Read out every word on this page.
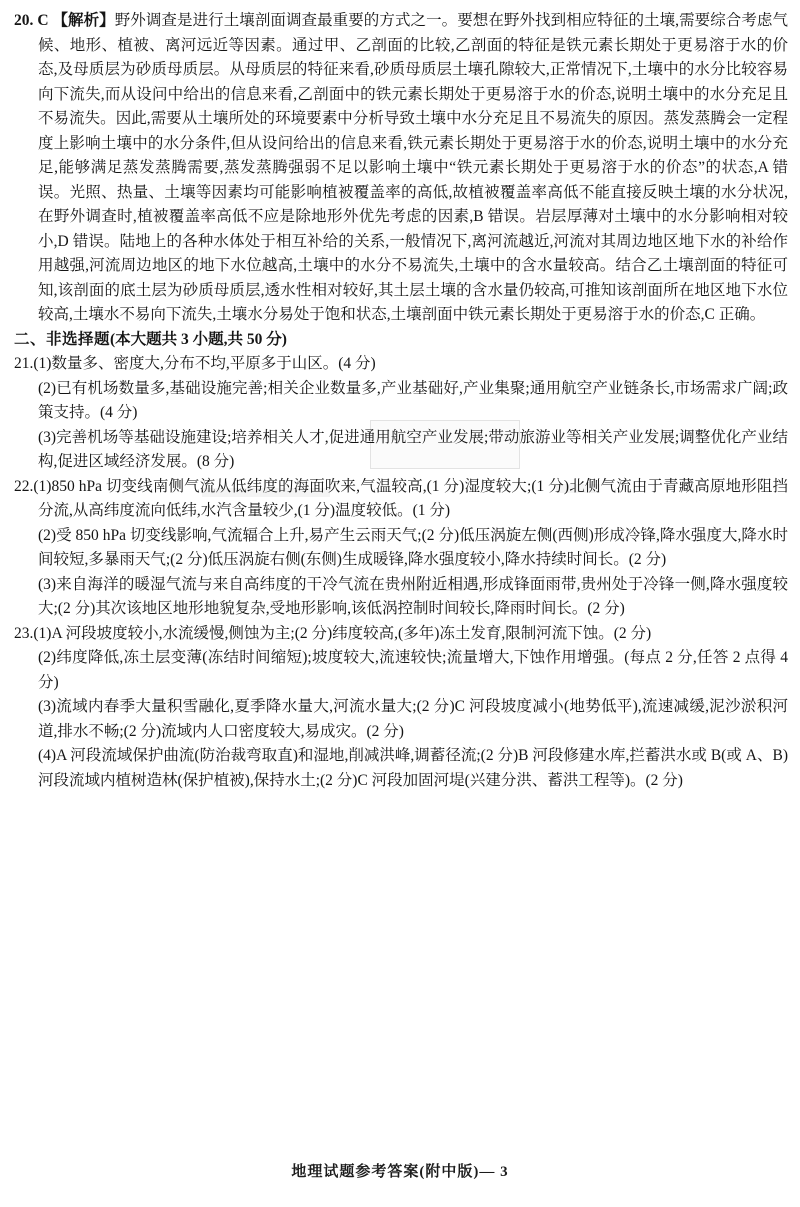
20. C 【解析】野外调查是进行土壤剖面调查最重要的方式之一。要想在野外找到相应特征的土壤,需要综合考虑气候、地形、植被、离河远近等因素。通过甲、乙剖面的比较,乙剖面的特征是铁元素长期处于更易溶于水的价态,及母质层为砂质母质层。从母质层的特征来看,砂质母质层土壤孔隙较大,正常情况下,土壤中的水分比较容易向下流失,而从设问中给出的信息来看,乙剖面中的铁元素长期处于更易溶于水的价态,说明土壤中的水分充足且不易流失。因此,需要从土壤所处的环境要素中分析导致土壤中水分充足且不易流失的原因。蒸发蒸腾会一定程度上影响土壤中的水分条件,但从设问给出的信息来看,铁元素长期处于更易溶于水的价态,说明土壤中的水分充足,能够满足蒸发蒸腾需要,蒸发蒸腾强弱不足以影响土壤中“铁元素长期处于更易溶于水的价态”的状态,A 错误。光照、热量、土壤等因素均可能影响植被覆盖率的高低,故植被覆盖率高低不能直接反映土壤的水分状况,在野外调查时,植被覆盖率高低不应是除地形外优先考虑的因素,B 错误。岩层厚薄对土壤中的水分影响相对较小,D 错误。陆地上的各种水体处于相互补给的关系,一般情况下,离河流越近,河流对其周边地区地下水的补给作用越强,河流周边地区的地下水位越高,土壤中的水分不易流失,土壤中的含水量较高。结合乙土壤剖面的特征可知,该剖面的底土层为砂质母质层,透水性相对较好,其土层土壤的含水量仍较高,可推知该剖面所在地区地下水位较高,土壤水不易向下流失,土壤水分易处于饱和状态,土壤剖面中铁元素长期处于更易溶于水的价态,C 正确。

二、非选择题(本大题共 3 小题,共 50 分)

21.(1)数量多、密度大,分布不均,平原多于山区。(4 分)

(2)已有机场数量多,基础设施完善;相关企业数量多,产业基础好,产业集聚;通用航空产业链条长,市场需求广阔;政策支持。(4 分)

(3)完善机场等基础设施建设;培养相关人才,促进通用航空产业发展;带动旅游业等相关产业发展;调整优化产业结构,促进区域经济发展。(8 分)

22.(1)850 hPa 切变线南侧气流从低纬度的海面吹来,气温较高,(1 分)湿度较大;(1 分)北侧气流由于青藏高原地形阻挡分流,从高纬度流向低纬,水汽含量较少,(1 分)温度较低。(1 分)

(2)受 850 hPa 切变线影响,气流辐合上升,易产生云雨天气;(2 分)低压涡旋左侧(西侧)形成冷锋,降水强度大,降水时间较短,多暴雨天气;(2 分)低压涡旋右侧(东侧)生成暖锋,降水强度较小,降水持续时间长。(2 分)

(3)来自海洋的暖湿气流与来自高纬度的干冷气流在贵州附近相遇,形成锋面雨带,贵州处于冷锋一侧,降水强度较大;(2 分)其次该地区地形地貌复杂,受地形影响,该低涡控制时间较长,降雨时间长。(2 分)

23.(1)A 河段坡度较小,水流缓慢,侧蚀为主;(2 分)纬度较高,(多年)冻土发育,限制河流下蚀。(2 分)

(2)纬度降低,冻土层变薄(冻结时间缩短);坡度较大,流速较快;流量增大,下蚀作用增强。(每点 2 分,任答 2 点得 4 分)

(3)流域内春季大量积雪融化,夏季降水量大,河流水量大;(2 分)C 河段坡度减小(地势低平),流速减缓,泥沙淤积河道,排水不畅;(2 分)流域内人口密度较大,易成灾。(2 分)

(4)A 河段流域保护曲流(防治裁弯取直)和湿地,削减洪峰,调蓄径流;(2 分)B 河段修建水库,拦蓄洪水或 B(或 A、B)河段流域内植树造林(保护植被),保持水土;(2 分)C 河段加固河堤(兴建分洪、蓄洪工程等)。(2 分)

地理试题参考答案(附中版)— 3
